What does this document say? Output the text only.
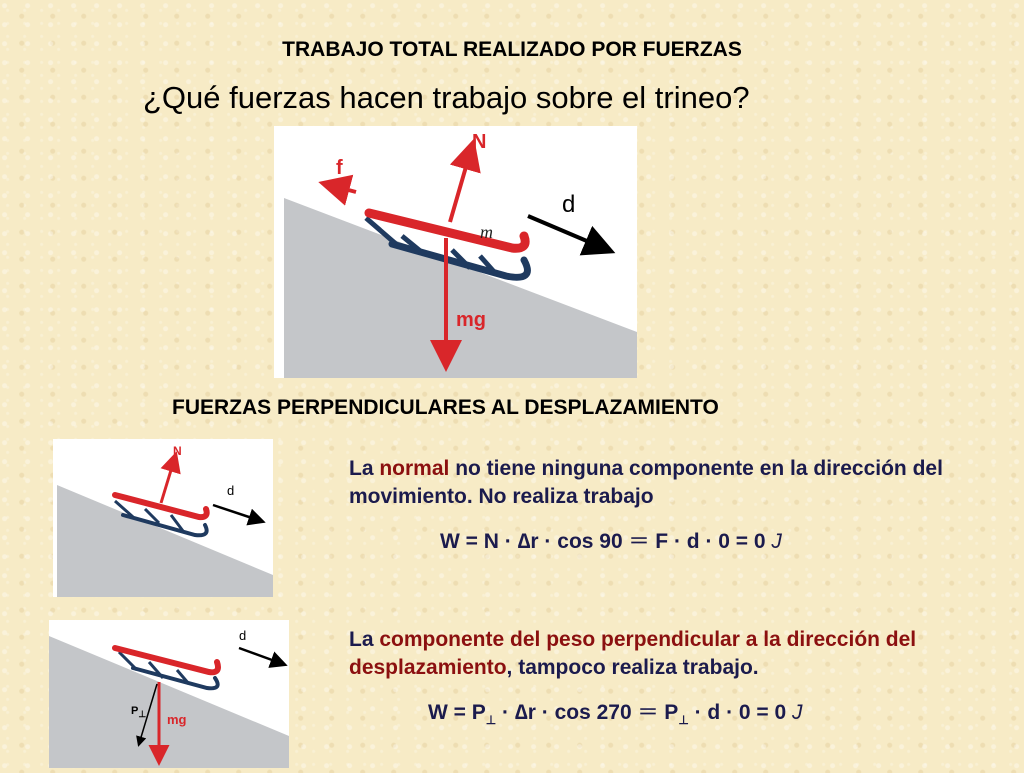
TRABAJO TOTAL REALIZADO POR FUERZAS
¿Qué fuerzas hacen trabajo sobre el trineo?
f
N
m
d
mg
FUERZAS PERPENDICULARES AL DESPLAZAMIENTO
N
d
La normal no tiene ninguna componente en la dirección del movimiento. No realiza trabajo
W = N · ∆r · cos 90 ＝ F · d · 0 = 0 J
d
$P_\perp$ mg
La componente del peso perpendicular a la dirección del desplazamiento, tampoco realiza trabajo.
$W = P_\perp \cdot \Delta r \cdot \cos 270 = P_\perp \cdot d \cdot 0 = 0$ J
